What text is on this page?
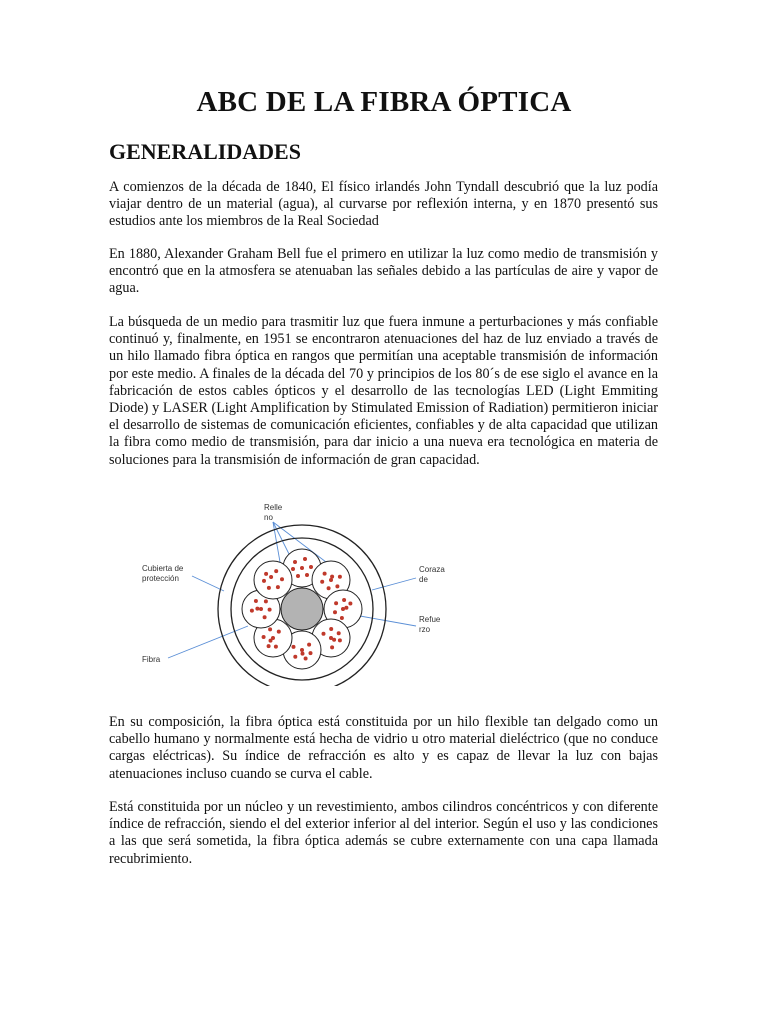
ABC DE LA FIBRA ÓPTICA
GENERALIDADES

A comienzos de la década de 1840, El físico irlandés John Tyndall descubrió que la luz podía viajar dentro de un material (agua), al curvarse por reflexión interna, y en 1870 presentó sus estudios ante los miembros de la Real Sociedad

En 1880, Alexander Graham Bell fue el primero en utilizar la luz como medio de transmisión y encontró que en la atmosfera se atenuaban las señales debido a las partículas de aire y vapor de agua.

La búsqueda de un medio para trasmitir luz que fuera inmune a perturbaciones y más confiable continuó y, finalmente, en 1951 se encontraron atenuaciones del haz de luz enviado a través de un hilo llamado fibra óptica en rangos que permitían una aceptable transmisión de información por este medio. A finales de la década del 70 y principios de los 80´s de ese siglo el avance en la fabricación de estos cables ópticos y el desarrollo de las tecnologías LED (Light Emmiting Diode) y LASER (Light Amplification by Stimulated Emission of Radiation) permitieron iniciar el desarrollo de sistemas de comunicación eficientes, confiables y de alta capacidad que utilizan la fibra como medio de transmisión, para dar inicio a una nueva era tecnológica en materia de soluciones para la transmisión de información de gran capacidad.

Relle
no
Cubierta de
protección
Coraza
de
Fibra
Refue
rzo

En su composición, la fibra óptica está constituida por un hilo flexible tan delgado como un cabello humano y normalmente está hecha de vidrio u otro material dieléctrico (que no conduce cargas eléctricas). Su índice de refracción es alto y es capaz de llevar la luz con bajas atenuaciones incluso cuando se curva el cable.

Está constituida por un núcleo y un revestimiento, ambos cilindros concéntricos y con diferente índice de refracción, siendo el del exterior inferior al del interior. Según el uso y las condiciones a las que será sometida, la fibra óptica además se cubre externamente con una capa llamada recubrimiento.
